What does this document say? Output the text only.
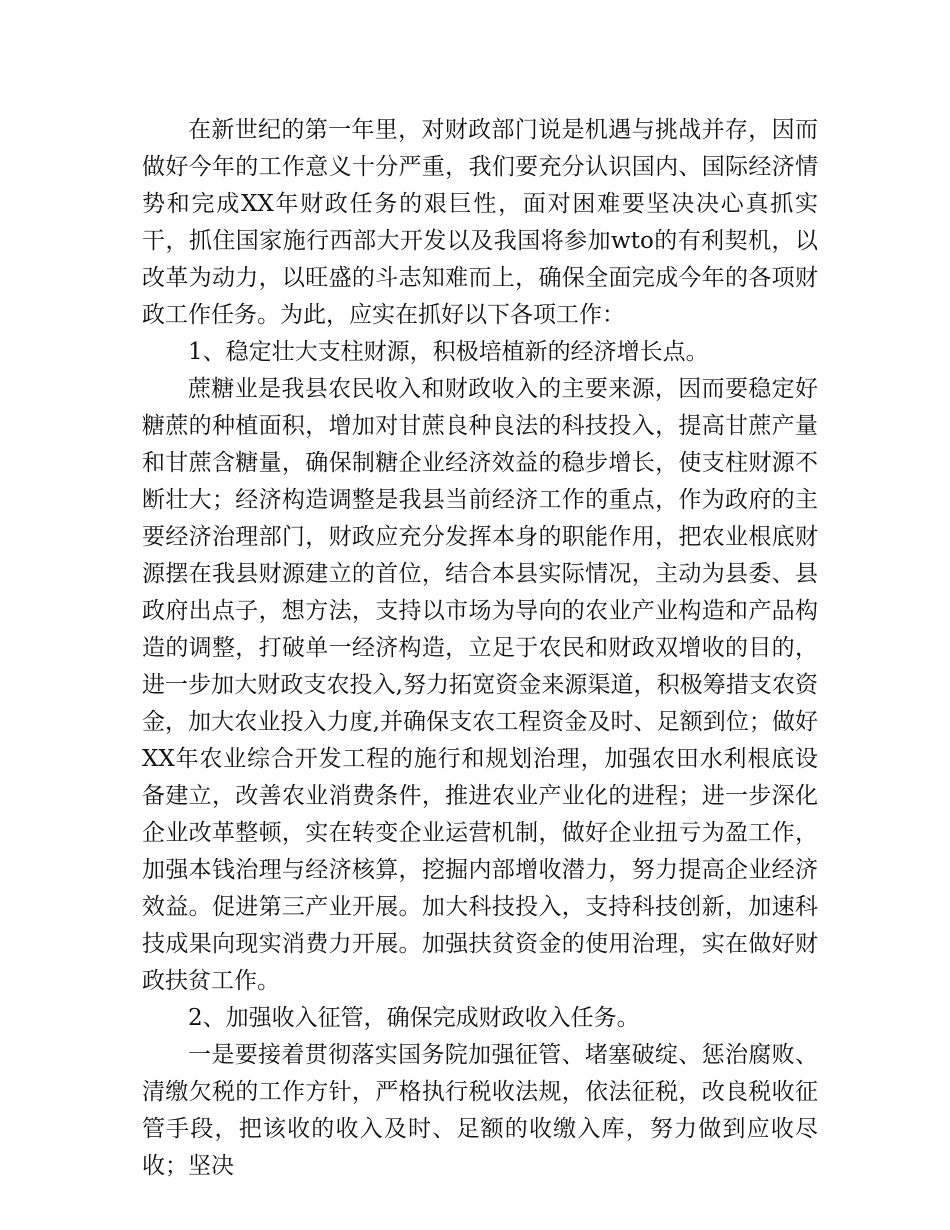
在新世纪的第一年里，对财政部门说是机遇与挑战并存，因而做好今年的工作意义十分严重，我们要充分认识国内、国际经济情势和完成XX年财政任务的艰巨性，面对困难要坚决决心真抓实干，抓住国家施行西部大开发以及我国将参加wto的有利契机，以改革为动力，以旺盛的斗志知难而上，确保全面完成今年的各项财政工作任务。为此，应实在抓好以下各项工作：

1、稳定壮大支柱财源，积极培植新的经济增长点。

蔗糖业是我县农民收入和财政收入的主要来源，因而要稳定好糖蔗的种植面积，增加对甘蔗良种良法的科技投入，提高甘蔗产量和甘蔗含糖量，确保制糖企业经济效益的稳步增长，使支柱财源不断壮大；经济构造调整是我县当前经济工作的重点，作为政府的主要经济治理部门，财政应充分发挥本身的职能作用，把农业根底财源摆在我县财源建立的首位，结合本县实际情况，主动为县委、县政府出点子，想方法，支持以市场为导向的农业产业构造和产品构造的调整，打破单一经济构造，立足于农民和财政双增收的目的，进一步加大财政支农投入,努力拓宽资金来源渠道，积极筹措支农资金，加大农业投入力度,并确保支农工程资金及时、足额到位；做好XX年农业综合开发工程的施行和规划治理，加强农田水利根底设备建立，改善农业消费条件，推进农业产业化的进程；进一步深化企业改革整顿，实在转变企业运营机制，做好企业扭亏为盈工作，加强本钱治理与经济核算，挖掘内部增收潜力，努力提高企业经济效益。促进第三产业开展。加大科技投入，支持科技创新，加速科技成果向现实消费力开展。加强扶贫资金的使用治理，实在做好财政扶贫工作。

2、加强收入征管，确保完成财政收入任务。

一是要接着贯彻落实国务院加强征管、堵塞破绽、惩治腐败、清缴欠税的工作方针，严格执行税收法规，依法征税，改良税收征管手段，把该收的收入及时、足额的收缴入库，努力做到应收尽收；坚决
